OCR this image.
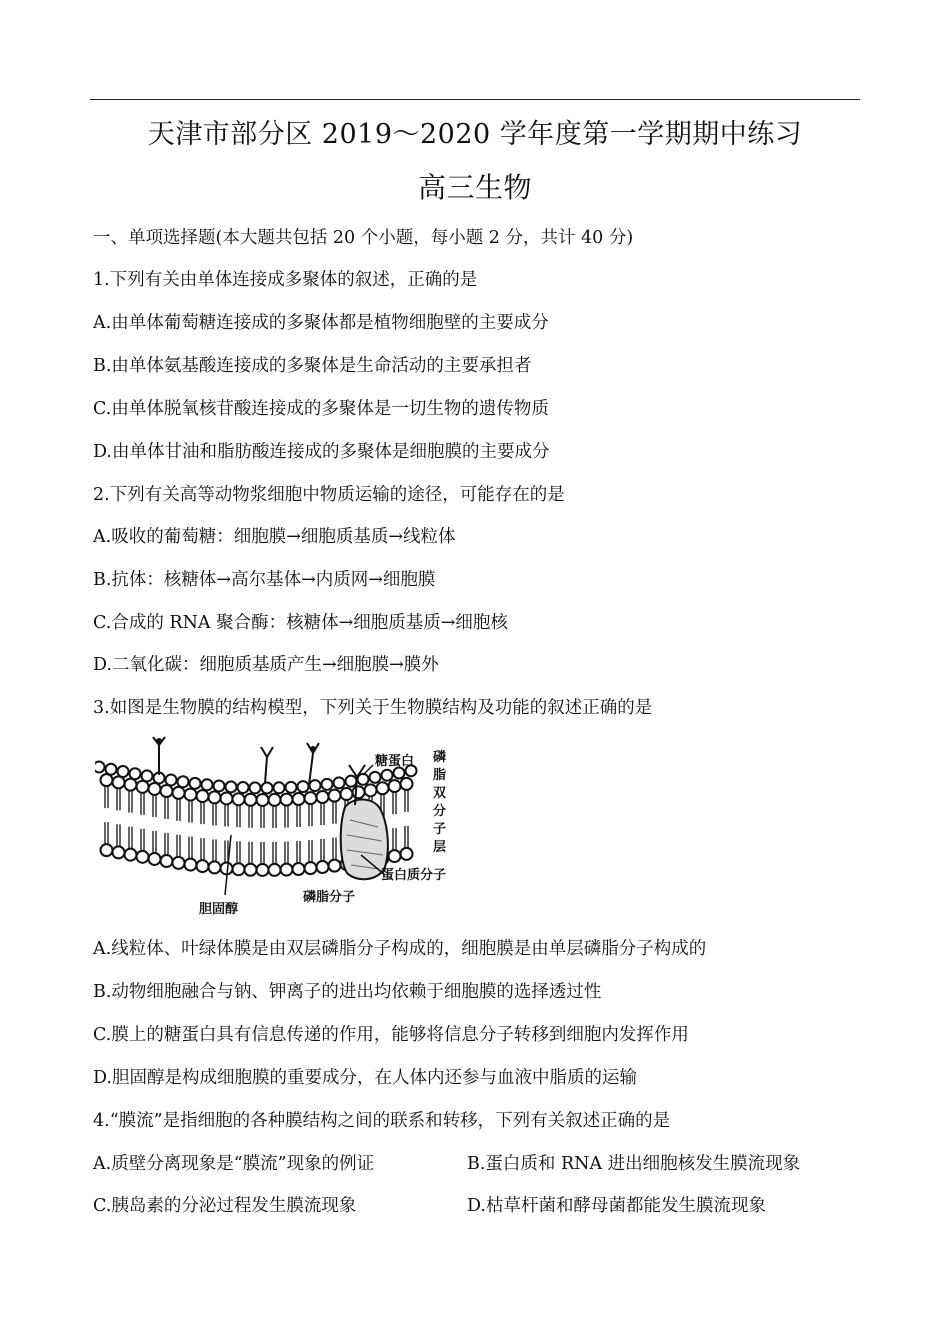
天津市部分区 2019～2020 学年度第一学期期中练习
高三生物
一、单项选择题(本大题共包括 20 个小题，每小题 2 分，共计 40 分)
1.下列有关由单体连接成多聚体的叙述，正确的是
A.由单体葡萄糖连接成的多聚体都是植物细胞壁的主要成分
B.由单体氨基酸连接成的多聚体是生命活动的主要承担者
C.由单体脱氧核苷酸连接成的多聚体是一切生物的遗传物质
D.由单体甘油和脂肪酸连接成的多聚体是细胞膜的主要成分
2.下列有关高等动物浆细胞中物质运输的途径，可能存在的是
A.吸收的葡萄糖：细胞膜→细胞质基质→线粒体
B.抗体：核糖体→高尔基体→内质网→细胞膜
C.合成的 RNA 聚合酶：核糖体→细胞质基质→细胞核
D.二氧化碳：细胞质基质产生→细胞膜→膜外
3.如图是生物膜的结构模型，下列关于生物膜结构及功能的叙述正确的是
糖蛋白 磷
脂
双
分
子
层
蛋白质分子
磷脂分子
胆固醇
A.线粒体、叶绿体膜是由双层磷脂分子构成的，细胞膜是由单层磷脂分子构成的
B.动物细胞融合与钠、钾离子的进出均依赖于细胞膜的选择透过性
C.膜上的糖蛋白具有信息传递的作用，能够将信息分子转移到细胞内发挥作用
D.胆固醇是构成细胞膜的重要成分，在人体内还参与血液中脂质的运输
4.“膜流”是指细胞的各种膜结构之间的联系和转移，下列有关叙述正确的是
A.质壁分离现象是“膜流”现象的例证	B.蛋白质和 RNA 进出细胞核发生膜流现象
C.胰岛素的分泌过程发生膜流现象	D.枯草杆菌和酵母菌都能发生膜流现象
